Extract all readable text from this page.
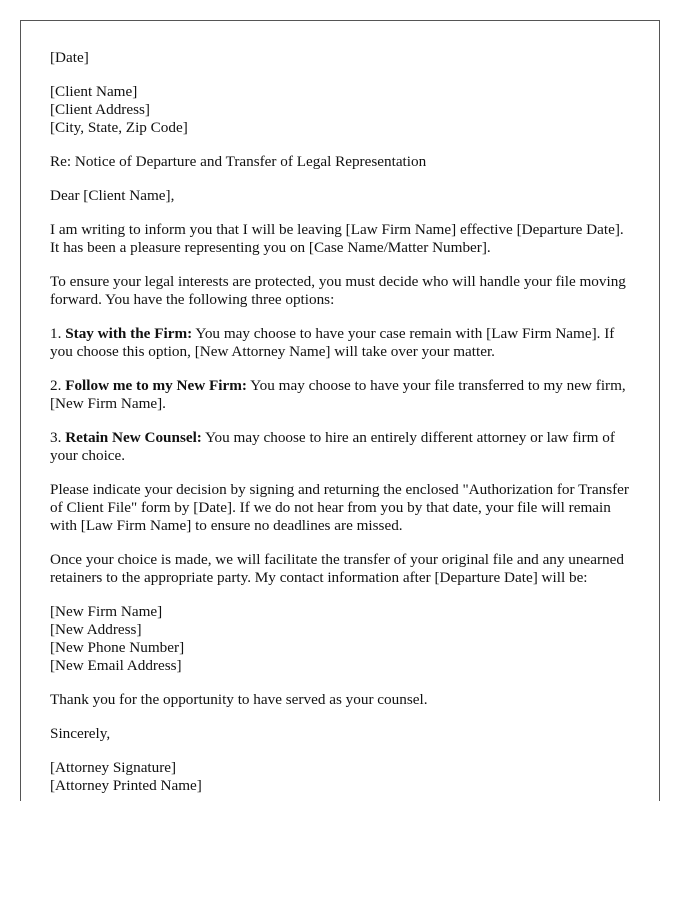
[Date]

[Client Name]
[Client Address]
[City, State, Zip Code]

Re: Notice of Departure and Transfer of Legal Representation

Dear [Client Name],

I am writing to inform you that I will be leaving [Law Firm Name] effective [Departure Date]. It has been a pleasure representing you on [Case Name/Matter Number].

To ensure your legal interests are protected, you must decide who will handle your file moving forward. You have the following three options:

1. Stay with the Firm: You may choose to have your case remain with [Law Firm Name]. If you choose this option, [New Attorney Name] will take over your matter.

2. Follow me to my New Firm: You may choose to have your file transferred to my new firm, [New Firm Name].

3. Retain New Counsel: You may choose to hire an entirely different attorney or law firm of your choice.

Please indicate your decision by signing and returning the enclosed "Authorization for Transfer of Client File" form by [Date]. If we do not hear from you by that date, your file will remain with [Law Firm Name] to ensure no deadlines are missed.

Once your choice is made, we will facilitate the transfer of your original file and any unearned retainers to the appropriate party. My contact information after [Departure Date] will be:

[New Firm Name]
[New Address]
[New Phone Number]
[New Email Address]

Thank you for the opportunity to have served as your counsel.

Sincerely,

[Attorney Signature]
[Attorney Printed Name]
